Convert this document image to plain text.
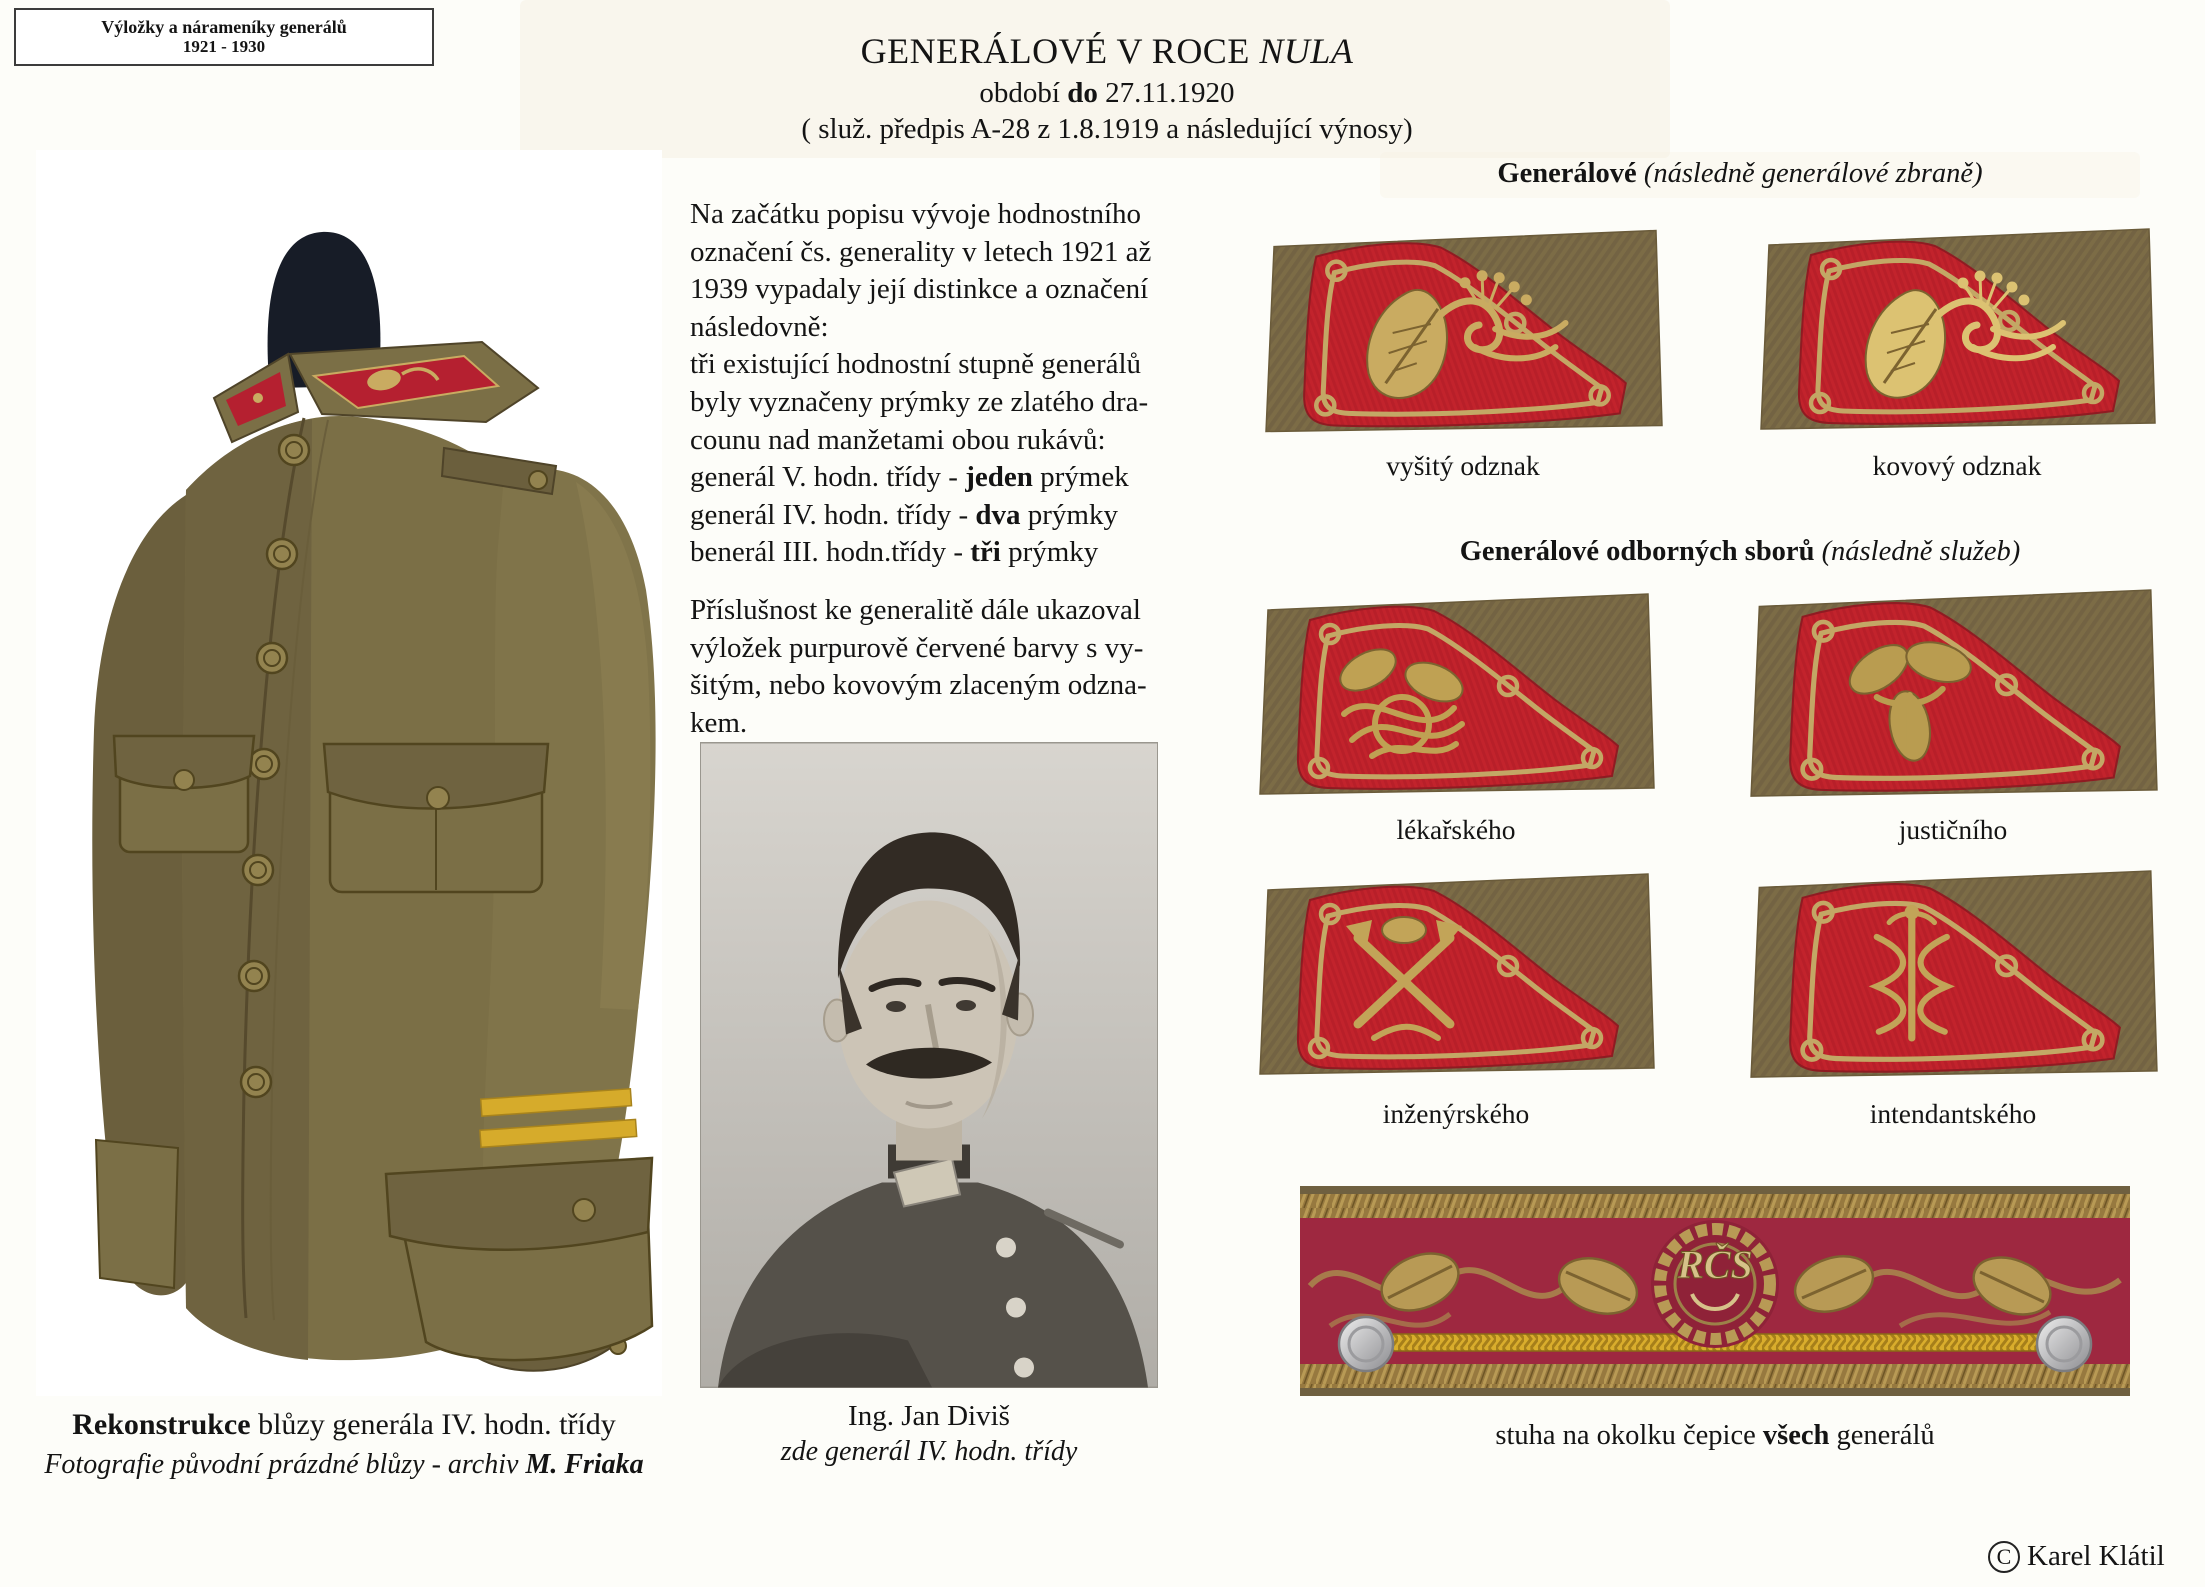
Výložky a nárameníky generálů
1921 - 1930	GENERÁLOVÉ V ROCE NULA
období do 27.11.1920
( služ. předpis A-28 z 1.8.1919 a následující výnosy)
Rekonstrukce blůzy generála IV. hodn. třídy
Fotografie původní prázdné blůzy - archiv M. Friaka
Na začátku popisu vývoje hodnostního
označení čs. generality v letech 1921 až
1939 vypadaly její distinkce a označení
následovně:
tři existující hodnostní stupně generálů
byly vyznačeny prýmky ze zlatého dra-
counu nad manžetami obou rukávů:
generál V. hodn. třídy - jeden prýmek
generál IV. hodn. třídy - dva prýmky
benerál III. hodn.třídy - tři prýmky
Příslušnost ke generalitě dále ukazoval
výložek purpurově červené barvy s vy-
šitým, nebo kovovým zlaceným odzna-
kem.
Ing. Jan Diviš
zde generál IV. hodn. třídy
Generálové (následně generálové zbraně)
vyšitý odznak	kovový odznak
Generálové odborných sborů (následně služeb)
lékařského	justičního
inženýrského	intendantského
RČS
stuha na okolku čepice všech generálů
C Karel Klátil
